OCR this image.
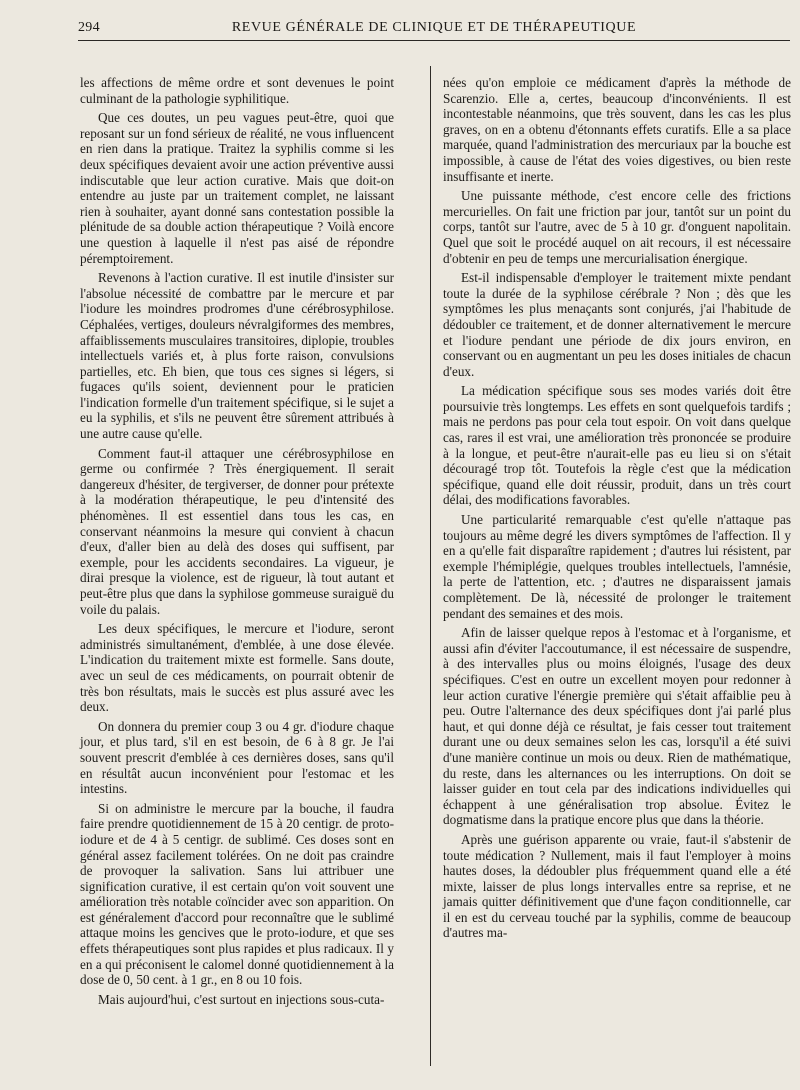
294	REVUE GÉNÉRALE DE CLINIQUE ET DE THÉRAPEUTIQUE

les affections de même ordre et sont devenues le point culminant de la pathologie syphilitique.

Que ces doutes, un peu vagues peut-être, quoi que reposant sur un fond sérieux de réalité, ne vous influencent en rien dans la pratique. Traitez la syphilis comme si les deux spécifiques devaient avoir une action préventive aussi indiscutable que leur action curative. Mais que doit-on entendre au juste par un traitement complet, ne laissant rien à souhaiter, ayant donné sans contestation possible la plénitude de sa double action thérapeutique ? Voilà encore une question à laquelle il n'est pas aisé de répondre péremptoirement.

Revenons à l'action curative. Il est inutile d'insister sur l'absolue nécessité de combattre par le mercure et par l'iodure les moindres prodromes d'une cérébrosyphilose. Céphalées, vertiges, douleurs névralgiformes des membres, affaiblissements musculaires transitoires, diplopie, troubles intellectuels variés et, à plus forte raison, convulsions partielles, etc. Eh bien, que tous ces signes si légers, si fugaces qu'ils soient, deviennent pour le praticien l'indication formelle d'un traitement spécifique, si le sujet a eu la syphilis, et s'ils ne peuvent être sûrement attribués à une autre cause qu'elle.

Comment faut-il attaquer une cérébrosyphilose en germe ou confirmée ? Très énergiquement. Il serait dangereux d'hésiter, de tergiverser, de donner pour prétexte à la modération thérapeutique, le peu d'intensité des phénomènes. Il est essentiel dans tous les cas, en conservant néanmoins la mesure qui convient à chacun d'eux, d'aller bien au delà des doses qui suffisent, par exemple, pour les accidents secondaires. La vigueur, je dirai presque la violence, est de rigueur, là tout autant et peut-être plus que dans la syphilose gommeuse suraiguë du voile du palais.

Les deux spécifiques, le mercure et l'iodure, seront administrés simultanément, d'emblée, à une dose élevée. L'indication du traitement mixte est formelle. Sans doute, avec un seul de ces médicaments, on pourrait obtenir de très bon résultats, mais le succès est plus assuré avec les deux.

On donnera du premier coup 3 ou 4 gr. d'iodure chaque jour, et plus tard, s'il en est besoin, de 6 à 8 gr. Je l'ai souvent prescrit d'emblée à ces dernières doses, sans qu'il en résultât aucun inconvénient pour l'estomac et les intestins.

Si on administre le mercure par la bouche, il faudra faire prendre quotidiennement de 15 à 20 centigr. de proto-iodure et de 4 à 5 centigr. de sublimé. Ces doses sont en général assez facilement tolérées. On ne doit pas craindre de provoquer la salivation. Sans lui attribuer une signification curative, il est certain qu'on voit souvent une amélioration très notable coïncider avec son apparition. On est généralement d'accord pour reconnaître que le sublimé attaque moins les gencives que le proto-iodure, et que ses effets thérapeutiques sont plus rapides et plus radicaux. Il y en a qui préconisent le calomel donné quotidiennement à la dose de 0, 50 cent. à 1 gr., en 8 ou 10 fois.

Mais aujourd'hui, c'est surtout en injections sous-cuta-

nées qu'on emploie ce médicament d'après la méthode de Scarenzio. Elle a, certes, beaucoup d'inconvénients. Il est incontestable néanmoins, que très souvent, dans les cas les plus graves, on en a obtenu d'étonnants effets curatifs. Elle a sa place marquée, quand l'administration des mercuriaux par la bouche est impossible, à cause de l'état des voies digestives, ou bien reste insuffisante et inerte.

Une puissante méthode, c'est encore celle des frictions mercurielles. On fait une friction par jour, tantôt sur un point du corps, tantôt sur l'autre, avec de 5 à 10 gr. d'onguent napolitain. Quel que soit le procédé auquel on ait recours, il est nécessaire d'obtenir en peu de temps une mercurialisation énergique.

Est-il indispensable d'employer le traitement mixte pendant toute la durée de la syphilose cérébrale ? Non ; dès que les symptômes les plus menaçants sont conjurés, j'ai l'habitude de dédoubler ce traitement, et de donner alternativement le mercure et l'iodure pendant une période de dix jours environ, en conservant ou en augmentant un peu les doses initiales de chacun d'eux.

La médication spécifique sous ses modes variés doit être poursuivie très longtemps. Les effets en sont quelquefois tardifs ; mais ne perdons pas pour cela tout espoir. On voit dans quelque cas, rares il est vrai, une amélioration très prononcée se produire à la longue, et peut-être n'aurait-elle pas eu lieu si on s'était découragé trop tôt. Toutefois la règle c'est que la médication spécifique, quand elle doit réussir, produit, dans un très court délai, des modifications favorables.

Une particularité remarquable c'est qu'elle n'attaque pas toujours au même degré les divers symptômes de l'affection. Il y en a qu'elle fait disparaître rapidement ; d'autres lui résistent, par exemple l'hémiplégie, quelques troubles intellectuels, l'amnésie, la perte de l'attention, etc. ; d'autres ne disparaissent jamais complètement. De là, nécessité de prolonger le traitement pendant des semaines et des mois.

Afin de laisser quelque repos à l'estomac et à l'organisme, et aussi afin d'éviter l'accoutumance, il est nécessaire de suspendre, à des intervalles plus ou moins éloignés, l'usage des deux spécifiques. C'est en outre un excellent moyen pour redonner à leur action curative l'énergie première qui s'était affaiblie peu à peu. Outre l'alternance des deux spécifiques dont j'ai parlé plus haut, et qui donne déjà ce résultat, je fais cesser tout traitement durant une ou deux semaines selon les cas, lorsqu'il a été suivi d'une manière continue un mois ou deux. Rien de mathématique, du reste, dans les alternances ou les interruptions. On doit se laisser guider en tout cela par des indications individuelles qui échappent à une généralisation trop absolue. Évitez le dogmatisme dans la pratique encore plus que dans la théorie.

Après une guérison apparente ou vraie, faut-il s'abstenir de toute médication ? Nullement, mais il faut l'employer à moins hautes doses, la dédoubler plus fréquemment quand elle a été mixte, laisser de plus longs intervalles entre sa reprise, et ne jamais quitter définitivement que d'une façon conditionnelle, car il en est du cerveau touché par la syphilis, comme de beaucoup d'autres ma-
